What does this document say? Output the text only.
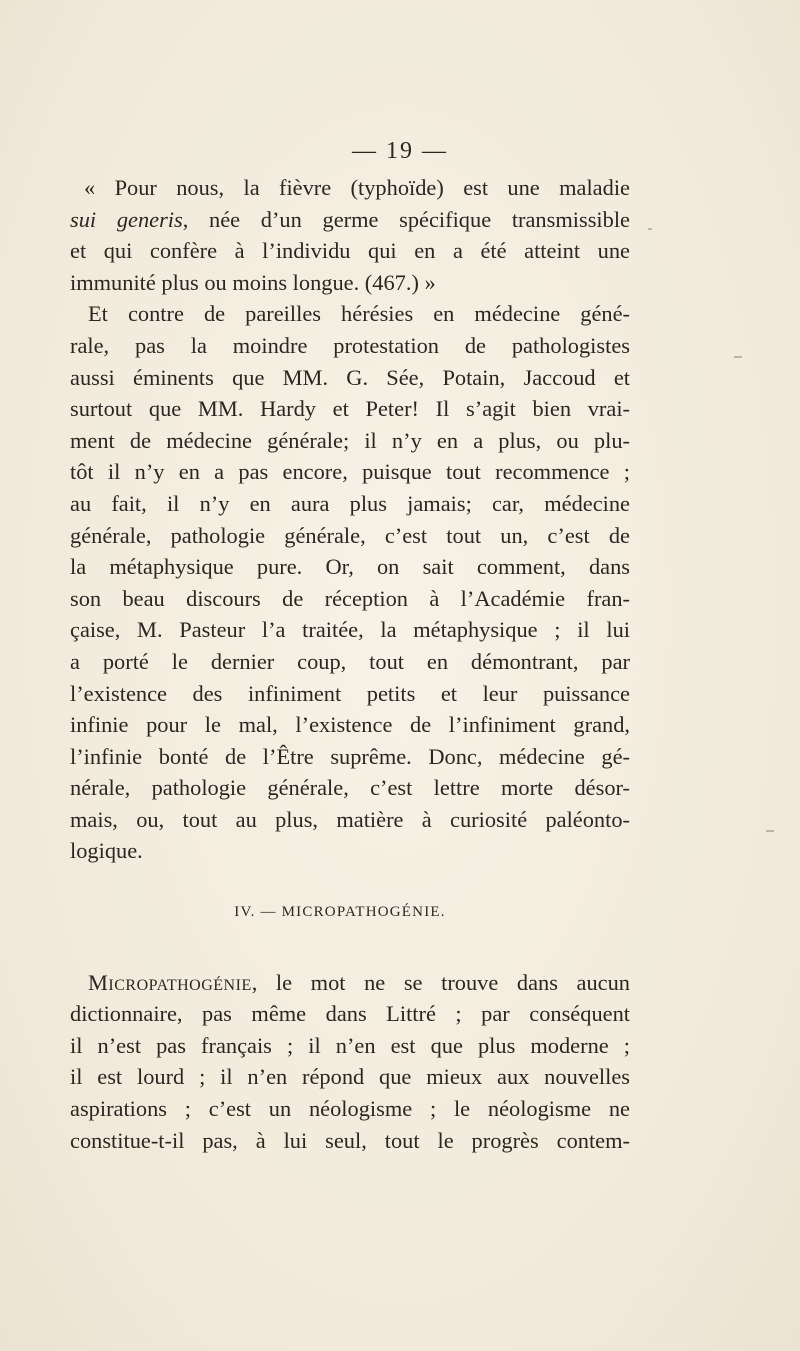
— 19 —

« Pour nous, la fièvre (typhoïde) est une maladie
sui generis, née d’un germe spécifique transmissible
et qui confère à l’individu qui en a été atteint une
immunité plus ou moins longue. (467.) »

Et contre de pareilles hérésies en médecine géné-
rale, pas la moindre protestation de pathologistes
aussi éminents que MM. G. Sée, Potain, Jaccoud et
surtout que MM. Hardy et Peter! Il s’agit bien vrai-
ment de médecine générale; il n’y en a plus, ou plu-
tôt il n’y en a pas encore, puisque tout recommence ;
au fait, il n’y en aura plus jamais; car, médecine
générale, pathologie générale, c’est tout un, c’est de
la métaphysique pure. Or, on sait comment, dans
son beau discours de réception à l’Académie fran-
çaise, M. Pasteur l’a traitée, la métaphysique ; il lui
a porté le dernier coup, tout en démontrant, par
l’existence des infiniment petits et leur puissance
infinie pour le mal, l’existence de l’infiniment grand,
l’infinie bonté de l’Être suprême. Donc, médecine gé-
nérale, pathologie générale, c’est lettre morte désor-
mais, ou, tout au plus, matière à curiosité paléonto-
logique.

IV. — MICROPATHOGÉNIE.

Micropathogénie, le mot ne se trouve dans aucun
dictionnaire, pas même dans Littré ; par conséquent
il n’est pas français ; il n’en est que plus moderne ;
il est lourd ; il n’en répond que mieux aux nouvelles
aspirations ; c’est un néologisme ; le néologisme ne
constitue-t-il pas, à lui seul, tout le progrès contem-
